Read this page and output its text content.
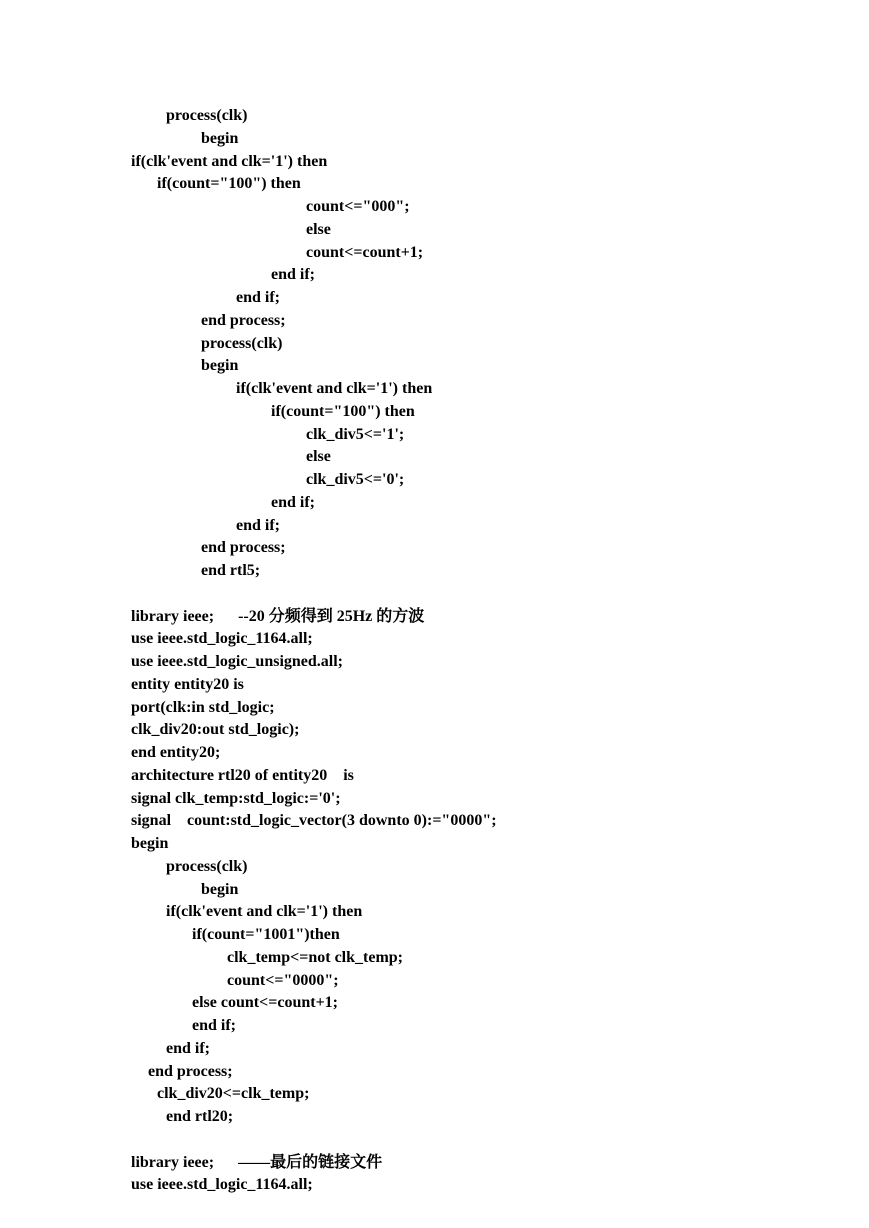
process(clk)
begin
if(clk'event and clk='1') then
if(count="100") then
count<="000";
else
count<=count+1;
end if;
end if;
end process;
process(clk)
begin
if(clk'event and clk='1') then
if(count="100") then
clk_div5<='1';
else
clk_div5<='0';
end if;
end if;
end process;
end rtl5;
library ieee;      --20 分频得到 25Hz 的方波
use ieee.std_logic_1164.all;
use ieee.std_logic_unsigned.all;
entity entity20 is
port(clk:in std_logic;
clk_div20:out std_logic);
end entity20;
architecture rtl20 of entity20    is
signal clk_temp:std_logic:='0';
signal    count:std_logic_vector(3 downto 0):="0000";
begin
process(clk)
begin
if(clk'event and clk='1') then
if(count="1001")then
clk_temp<=not clk_temp;
count<="0000";
else count<=count+1;
end if;
end if;
end process;
clk_div20<=clk_temp;
end rtl20;
library ieee;      ——最后的链接文件
use ieee.std_logic_1164.all;
